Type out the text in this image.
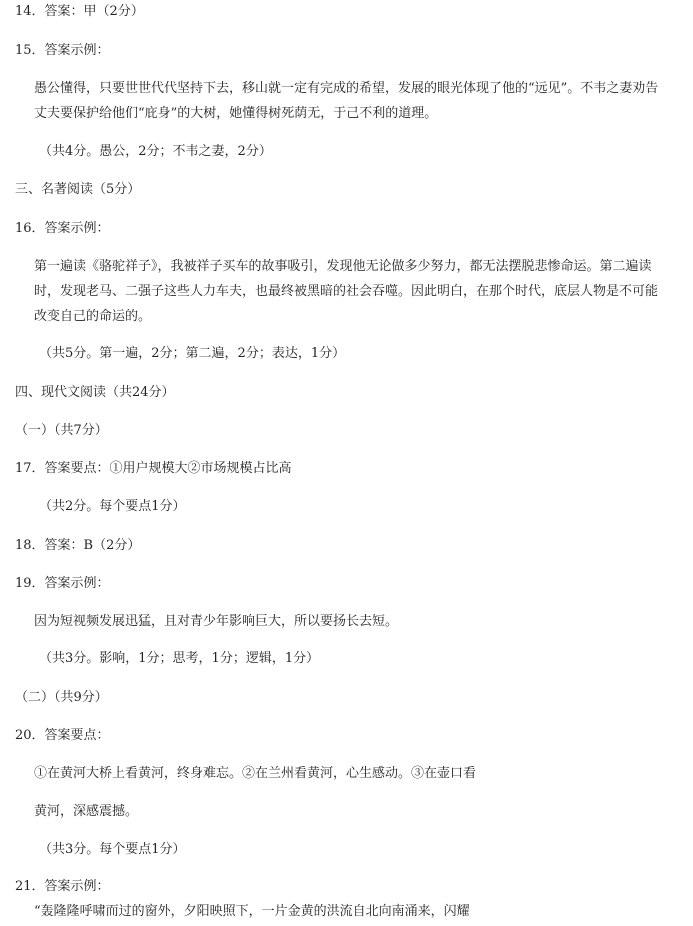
14．答案：甲（2分）
15．答案示例：
愚公懂得，只要世世代代坚持下去，移山就一定有完成的希望，发展的眼光体现了他的“远见”。不韦之妻劝告
丈夫要保护给他们“庇身”的大树，她懂得树死荫无，于己不利的道理。
（共4分。愚公，2分；不韦之妻，2分）
三、名著阅读（5分）
16．答案示例：
第一遍读《骆驼祥子》，我被祥子买车的故事吸引，发现他无论做多少努力，都无法摆脱悲惨命运。第二遍读
时，发现老马、二强子这些人力车夫，也最终被黑暗的社会吞噬。因此明白，在那个时代，底层人物是不可能
改变自己的命运的。
（共5分。第一遍，2分；第二遍，2分；表达，1分）
四、现代文阅读（共24分）
（一）（共7分）
17．答案要点：①用户规模大②市场规模占比高
（共2分。每个要点1分）
18．答案：B（2分）
19．答案示例：
因为短视频发展迅猛，且对青少年影响巨大，所以要扬长去短。
（共3分。影响，1分；思考，1分；逻辑，1分）
（二）（共9分）
20．答案要点：
①在黄河大桥上看黄河，终身难忘。②在兰州看黄河，心生感动。③在壶口看
黄河，深感震撼。
（共3分。每个要点1分）
21．答案示例：
“轰隆隆呼啸而过的窗外，夕阳映照下，一片金黄的洪流自北向南涌来，闪耀
